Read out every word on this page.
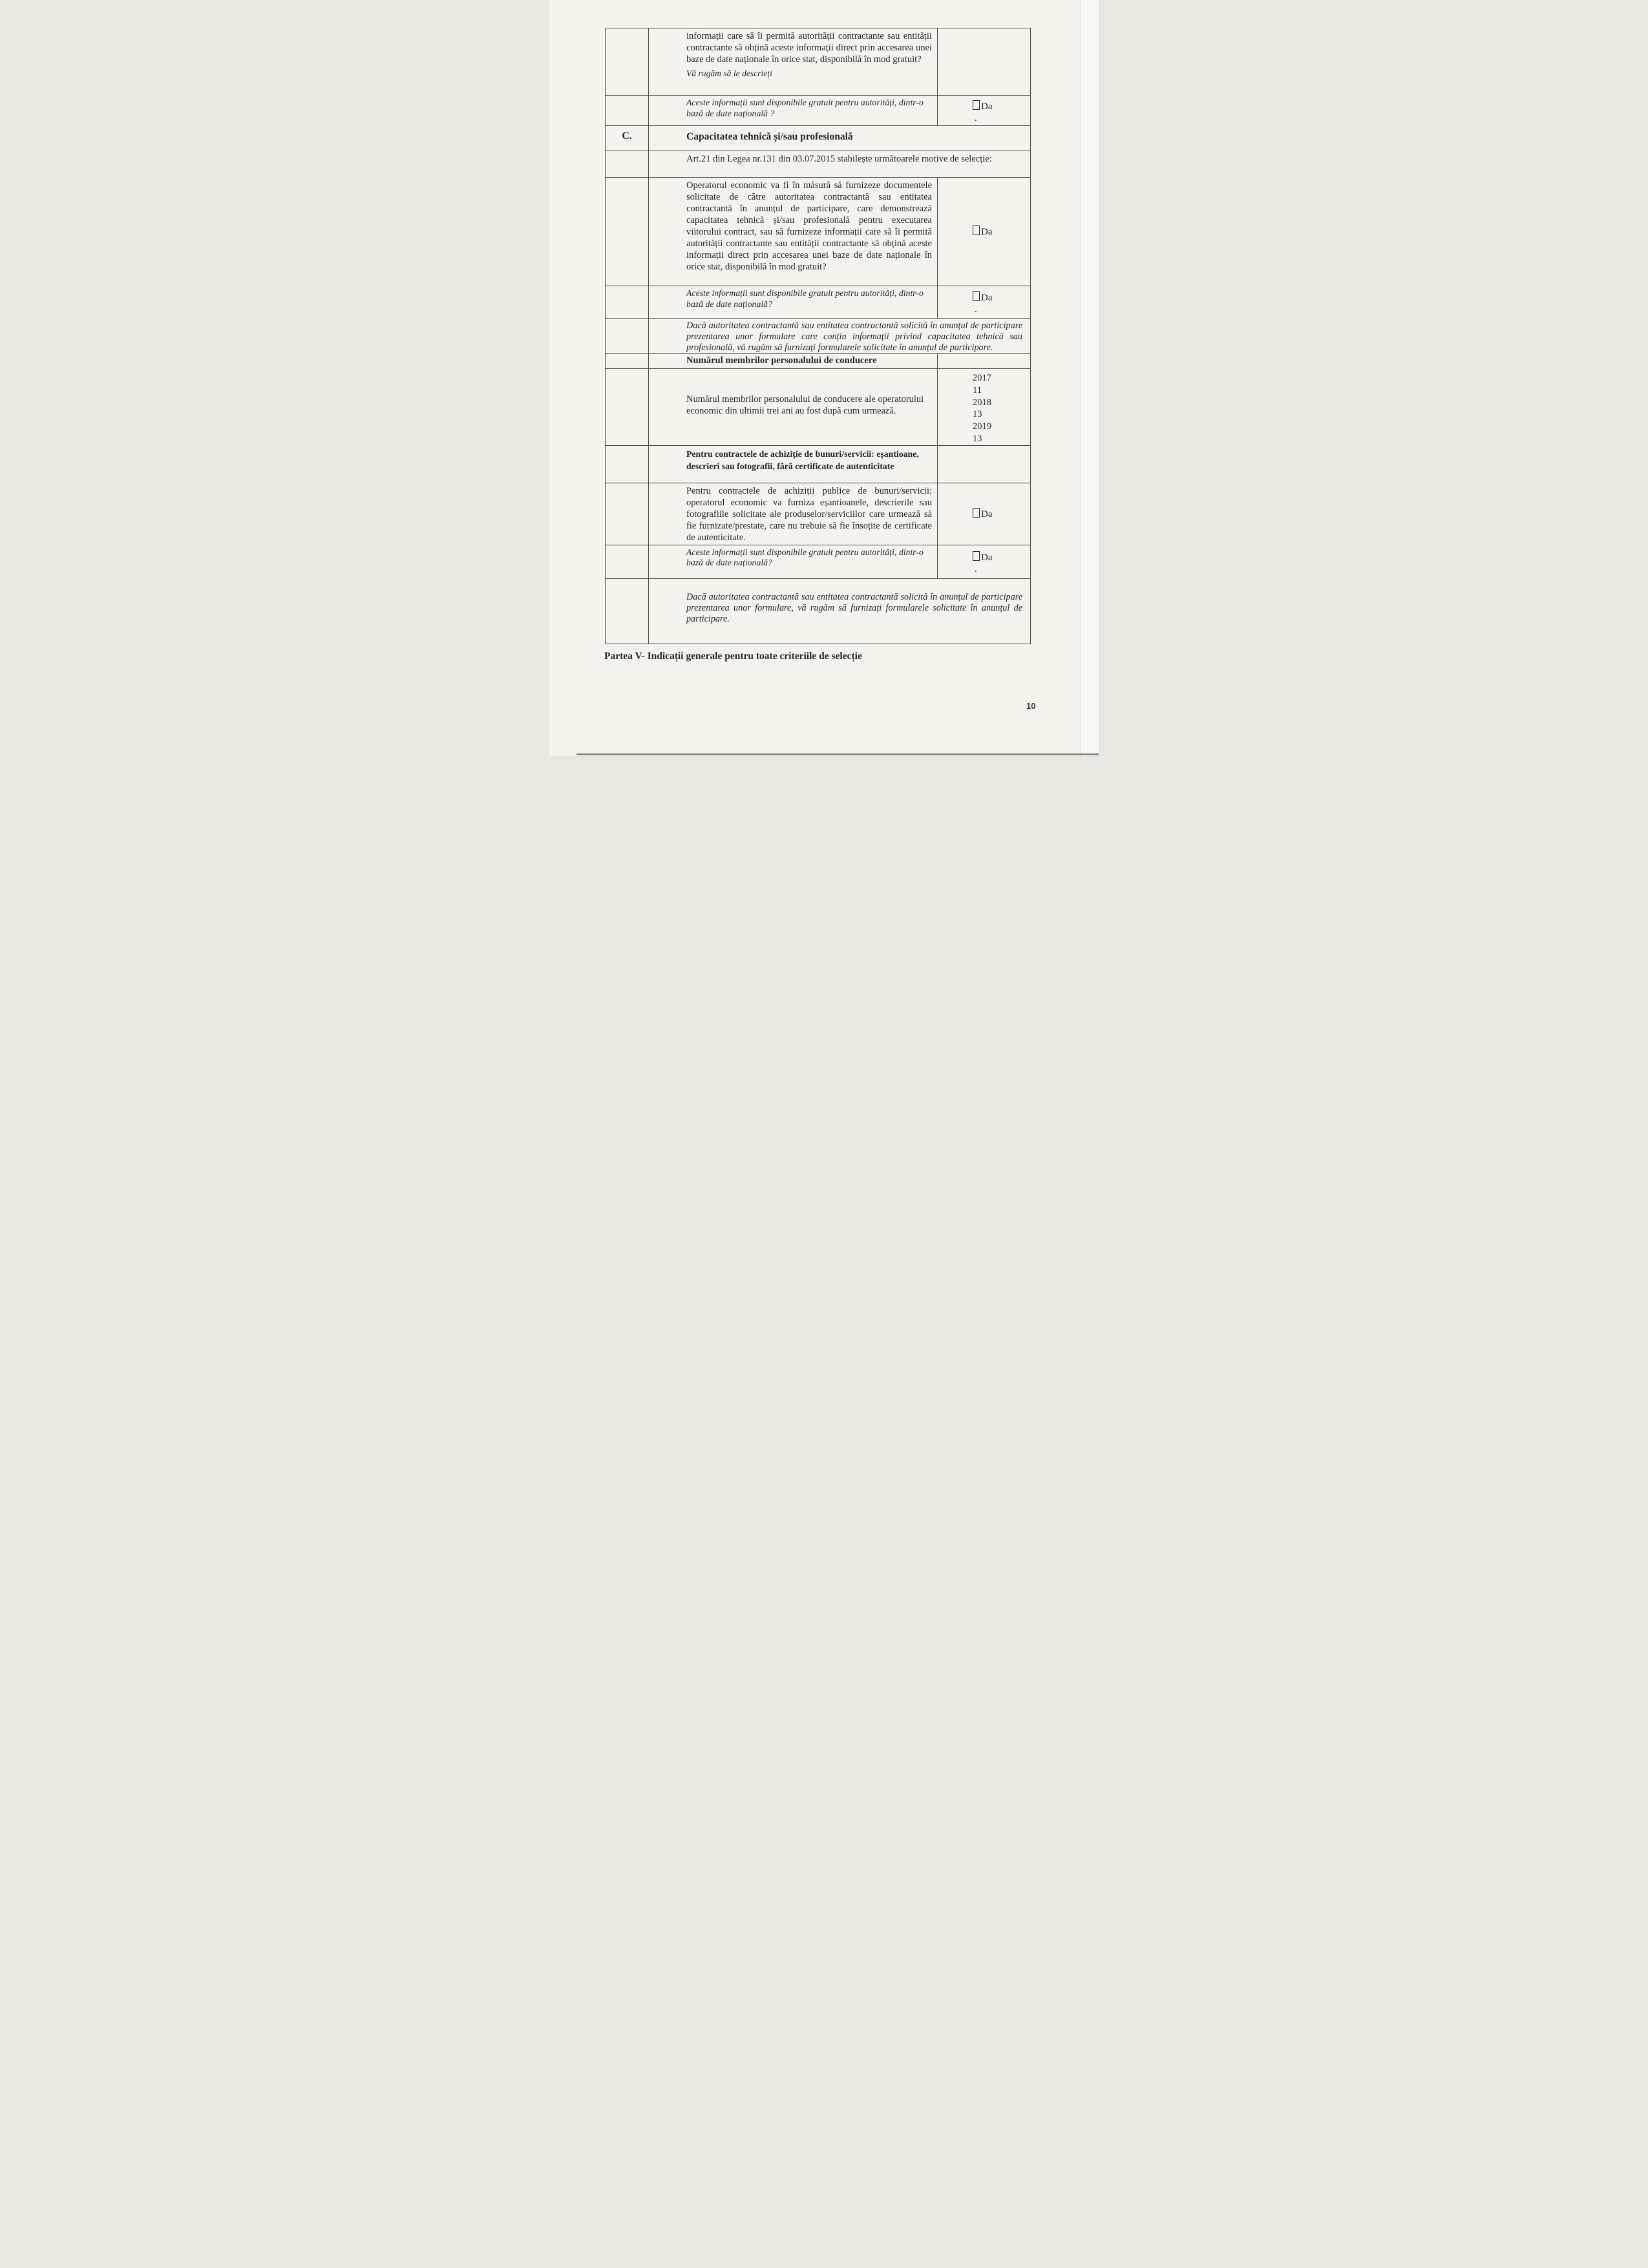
	informații care să îi permită autorității contractante sau entității contractante să obțină aceste informații direct prin accesarea unei baze de date naționale în orice stat, disponibilă în mod gratuit?
Vă rugăm să le descrieți	

	Aceste informații sunt disponibile gratuit pentru autorități, dintr-o bază de date națională ?	Da
.

C.	Capacitatea tehnică și/sau profesională	

	Art.21 din Legea nr.131 din 03.07.2015 stabilește următoarele motive de selecție:	

	Operatorul economic va fi în măsură să furnizeze documentele solicitate de către autoritatea contractantă sau entitatea contractantă în anunțul de participare, care demonstrează capacitatea tehnică și/sau profesională pentru executarea viitorului contract, sau să furnizeze informații care să îi permită autorității contractante sau entității contractante să obțină aceste informații direct prin accesarea unei baze de date naționale în orice stat, disponibilă în mod gratuit?	Da

	Aceste informații sunt disponibile gratuit pentru autorități, dintr-o bază de date națională?	Da
.

	Dacă autoritatea contractantă sau entitatea contractantă solicită în anunțul de participare prezentarea unor formulare care conțin informații privind capacitatea tehnică sau profesională, vă rugăm să furnizați formularele solicitate în anunțul de participare.	

	Numărul membrilor personalului de conducere	

Numărul membrilor personalului de conducere ale operatorului economic din ultimii trei ani au fost după cum urmează.

2017
11
2018
13
2019
13

	Pentru contractele de achiziție de bunuri/servicii: eșantioane, descrieri sau fotografii, fără certificate de autenticitate	

	Pentru contractele de achiziții publice de bunuri/servicii: operatorul economic va furniza eșantioanele, descrierile sau fotografiile solicitate ale produselor/serviciilor care urmează să fie furnizate/prestate, care nu trebuie să fie însoțite de certificate de autenticitate.	Da

	Aceste informații sunt disponibile gratuit pentru autorități, dintr-o bază de date națională?	Da
.

	Dacă autoritatea contractantă sau entitatea contractantă solicită în anunțul de participare prezentarea unor formulare, vă rugăm să furnizați formularele solicitate în anunțul de participare.	
Partea V- Indicații generale pentru toate criteriile de selecție
10
